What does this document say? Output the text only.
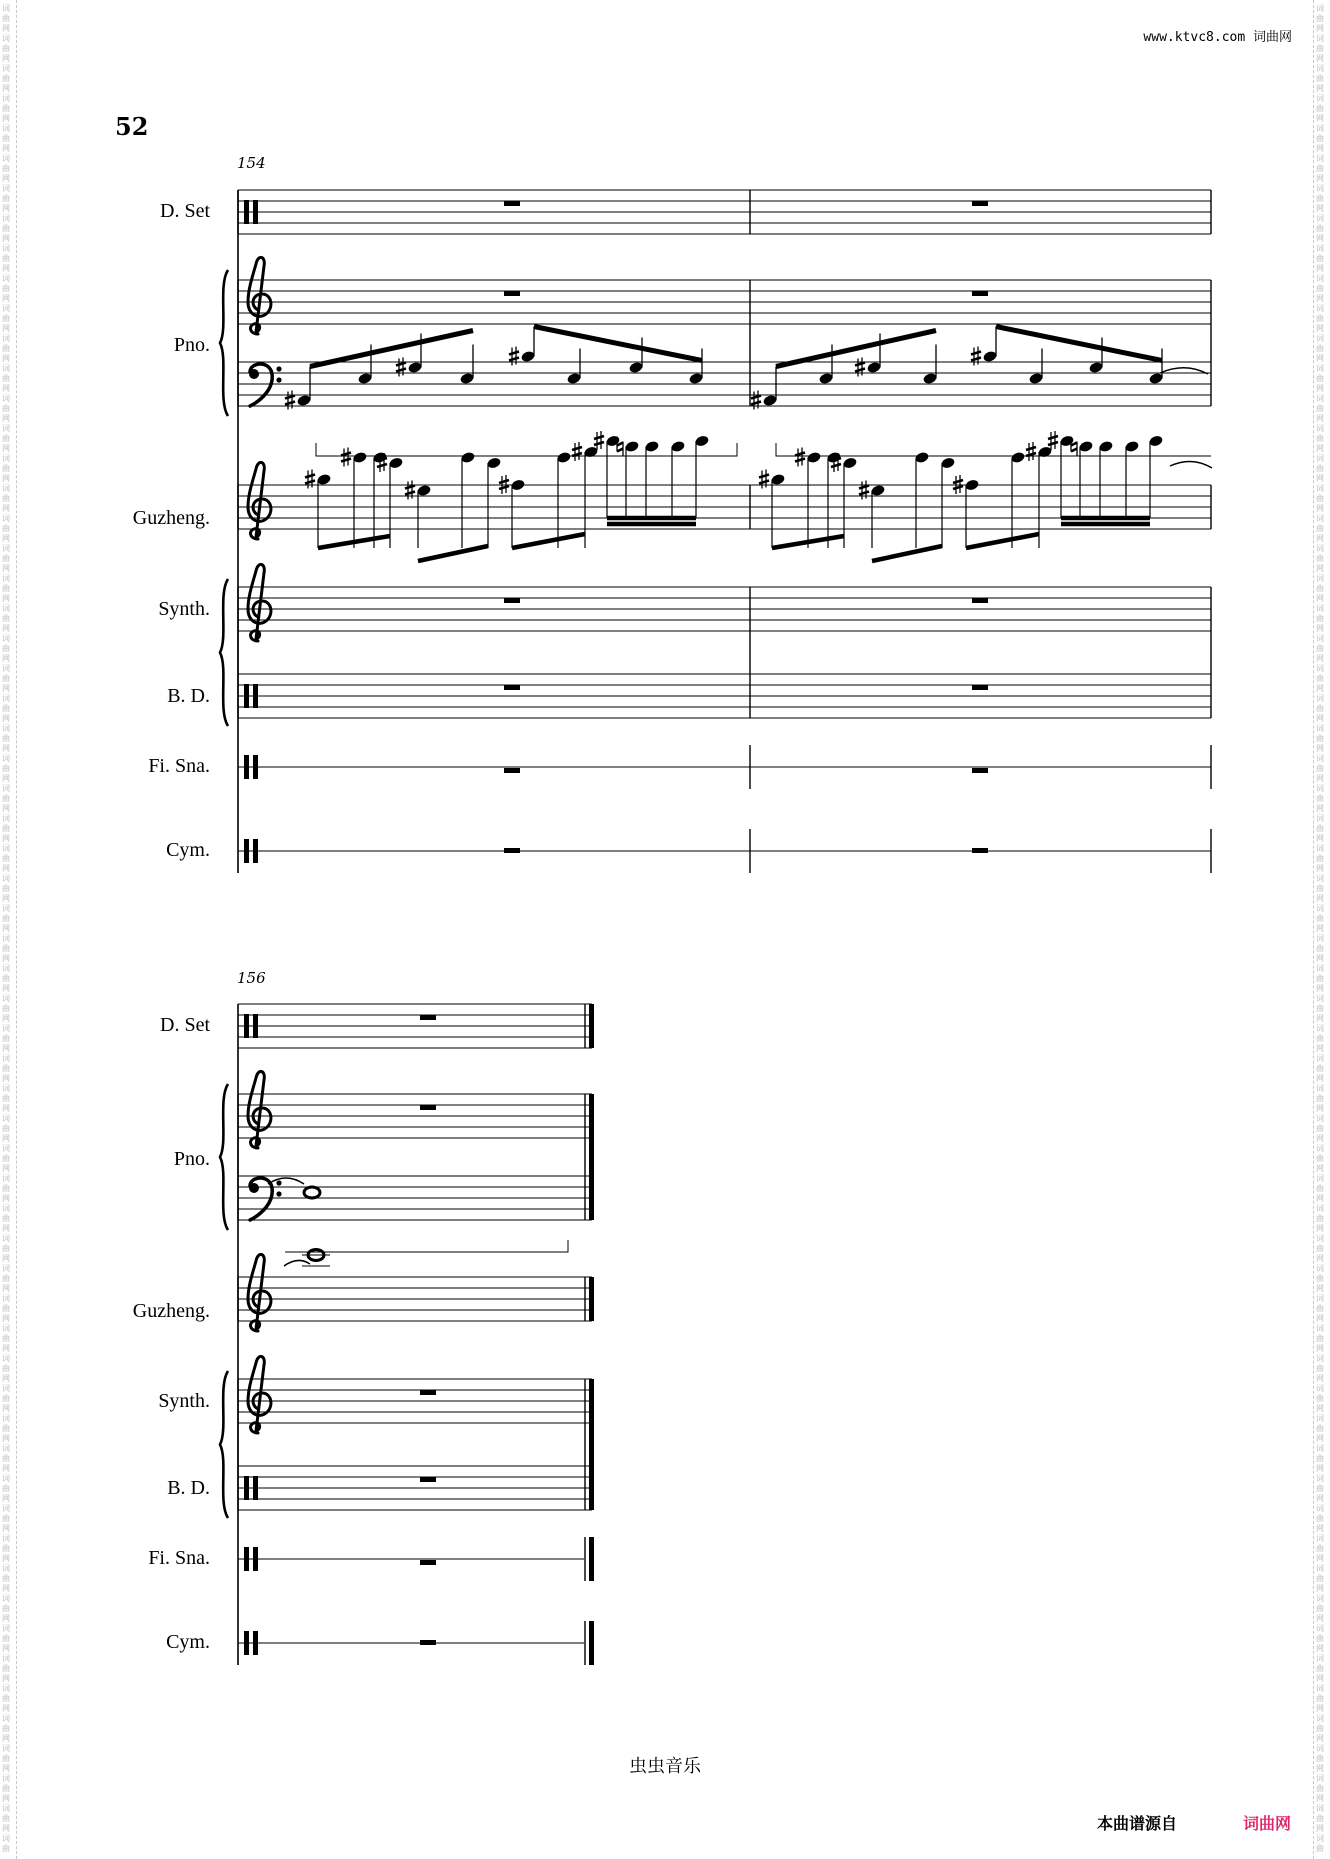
词
曲
网
词
曲
网
词
曲
网
词
曲
网
词
曲
网
词
曲
网
词
曲
网
词
曲
网
词
曲
网
词
曲
网
词
曲
网
词
曲
网
词
曲
网
词
曲
网
词
曲
网
词
曲
网
词
曲
网
词
曲
网
词
曲
网
词
曲
网
词
曲
网
词
曲
网
词
曲
网
词
曲
网
词
曲
网
词
曲
网
词
曲
网
词
曲
网
词
曲
网
词
曲
网
词
曲
网
词
曲
网
词
曲
网
词
曲
网
词
曲
网
词
曲
网
词
曲
网
词
曲
网
词
曲
网
词
曲
网
词
曲
网
词
曲
网
词
曲
网
词
曲
网
词
曲
网
词
曲
网
词
曲
网
词
曲
网
词
曲
网
词
曲
网
词
曲
网
词
曲
网
词
曲
网
词
曲
网
词
曲
网
词
曲
网
词
曲
网
词
曲
网
词
曲
网
词
曲
网
词
曲
网
词
曲
词
曲
网
词
曲
网
词
曲
网
词
曲
网
词
曲
网
词
曲
网
词
曲
网
词
曲
网
词
曲
网
词
曲
网
词
曲
网
词
曲
网
词
曲
网
词
曲
网
词
曲
网
词
曲
网
词
曲
网
词
曲
网
词
曲
网
词
曲
网
词
曲
网
词
曲
网
词
曲
网
词
曲
网
词
曲
网
词
曲
网
词
曲
网
词
曲
网
词
曲
网
词
曲
网
词
曲
网
词
曲
网
词
曲
网
词
曲
网
词
曲
网
词
曲
网
词
曲
网
词
曲
网
词
曲
网
词
曲
网
词
曲
网
词
曲
网
词
曲
网
词
曲
网
词
曲
网
词
曲
网
词
曲
网
词
曲
网
词
曲
网
词
曲
网
词
曲
网
词
曲
网
词
曲
网
词
曲
网
词
曲
网
词
曲
网
词
曲
网
词
曲
网
词
曲
网
词
曲
网
词
曲
网
词
曲
www.ktvc8.com 词曲网
52
154
D. Set
Pno.
Guzheng.
Synth.
B. D.
Fi. Sna.
Cym.
156
D. Set
Pno.
Guzheng.
Synth.
B. D.
Fi. Sna.
Cym.
虫虫音乐
本曲谱源自	词曲网
